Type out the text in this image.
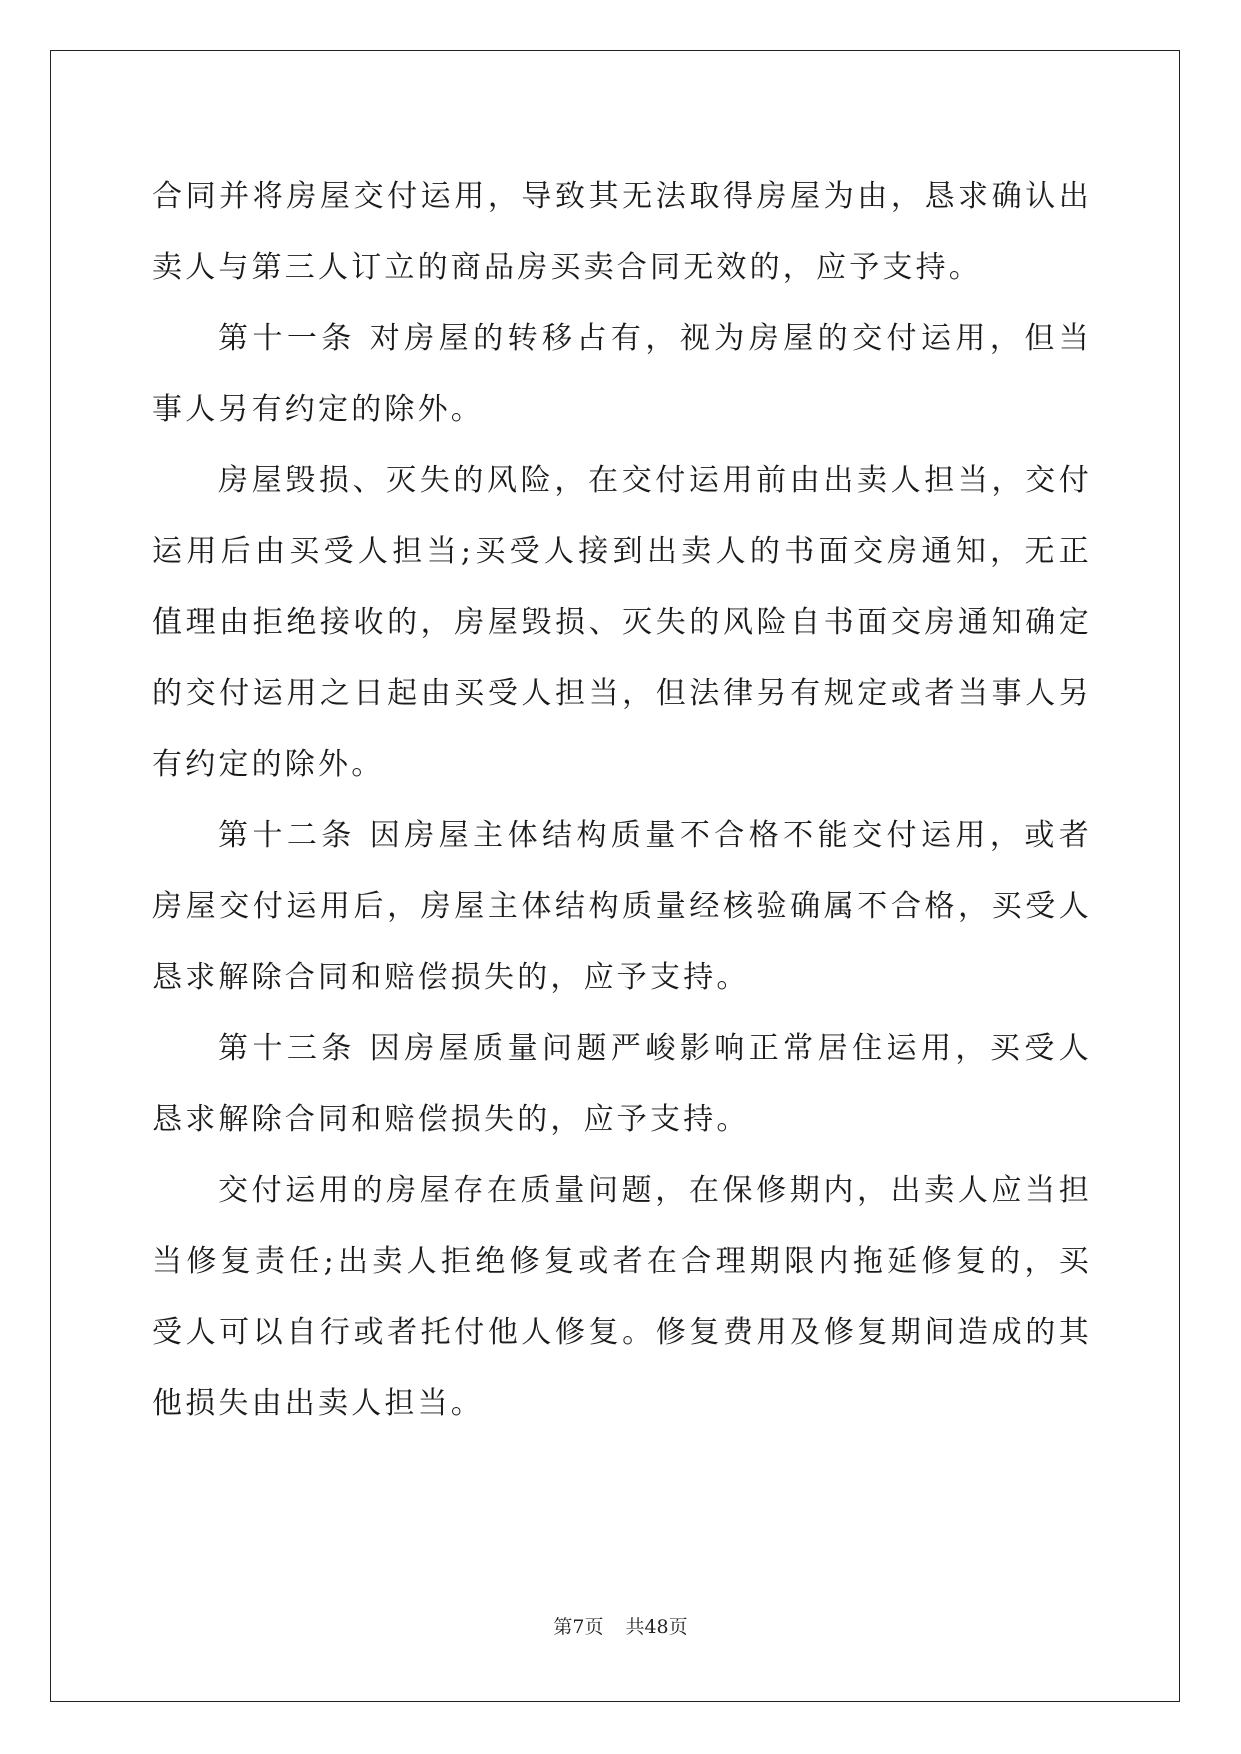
合同并将房屋交付运用，导致其无法取得房屋为由，恳求确认出卖人与第三人订立的商品房买卖合同无效的，应予支持。

第十一条 对房屋的转移占有，视为房屋的交付运用，但当事人另有约定的除外。

房屋毁损、灭失的风险，在交付运用前由出卖人担当，交付运用后由买受人担当;买受人接到出卖人的书面交房通知，无正值理由拒绝接收的，房屋毁损、灭失的风险自书面交房通知确定的交付运用之日起由买受人担当，但法律另有规定或者当事人另有约定的除外。

第十二条 因房屋主体结构质量不合格不能交付运用，或者房屋交付运用后，房屋主体结构质量经核验确属不合格，买受人恳求解除合同和赔偿损失的，应予支持。

第十三条 因房屋质量问题严峻影响正常居住运用，买受人恳求解除合同和赔偿损失的，应予支持。

交付运用的房屋存在质量问题，在保修期内，出卖人应当担当修复责任;出卖人拒绝修复或者在合理期限内拖延修复的，买受人可以自行或者托付他人修复。修复费用及修复期间造成的其他损失由出卖人担当。

第7页 共48页
